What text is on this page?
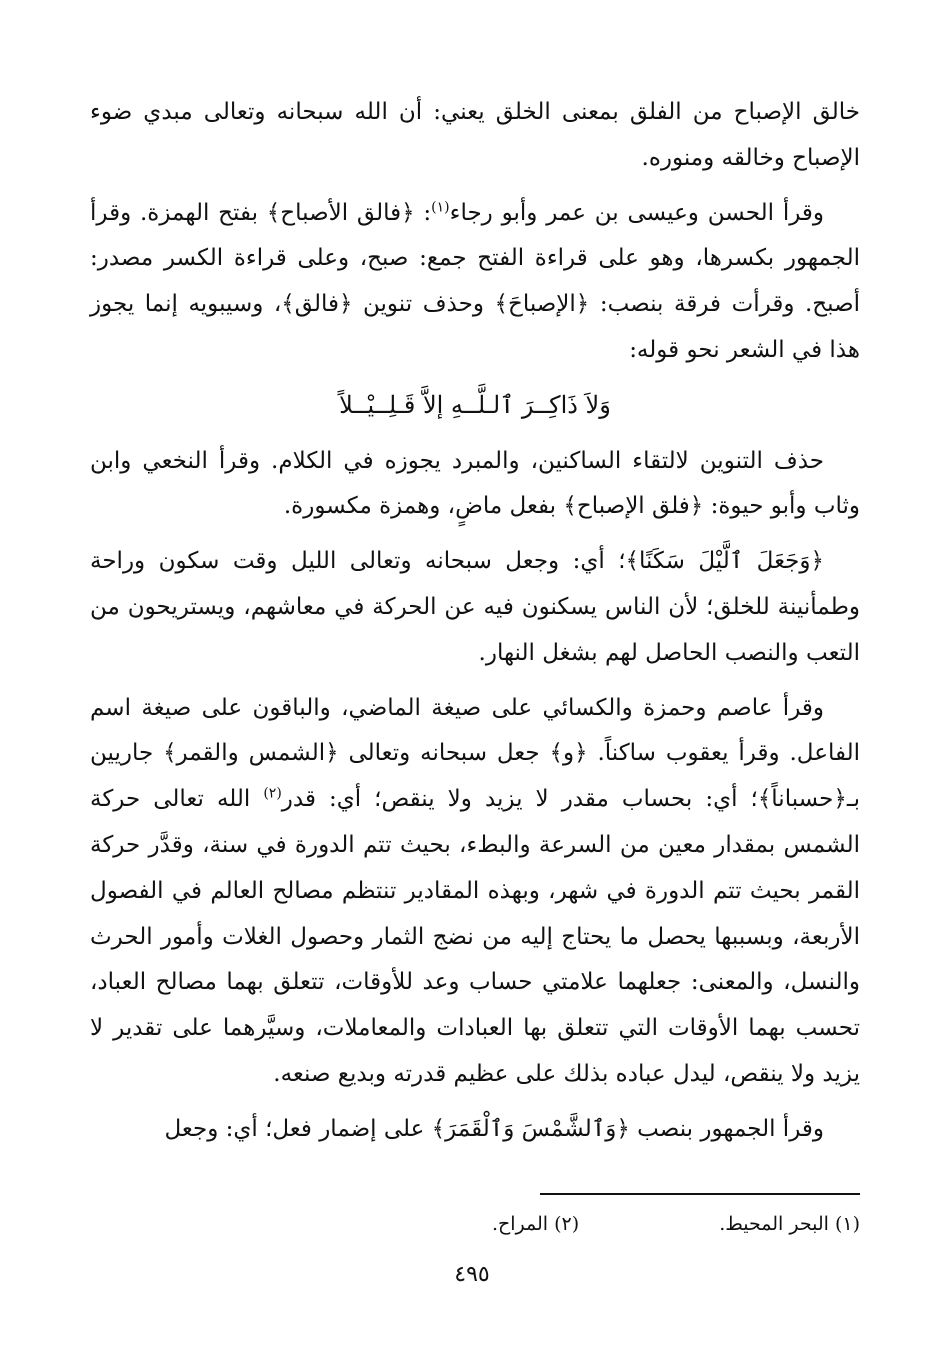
خالق الإصباح من الفلق بمعنى الخلق يعني: أن الله سبحانه وتعالى مبدي ضوء الإصباح وخالقه ومنوره.

وقرأ الحسن وعيسى بن عمر وأبو رجاء$^{(١)}$: ﴿فالق الأصباح﴾ بفتح الهمزة. وقرأ الجمهور بكسرها، وهو على قراءة الفتح جمع: صبح، وعلى قراءة الكسر مصدر: أصبح. وقرأت فرقة بنصب: ﴿الإصباحَ﴾ وحذف تنوين ﴿فالق﴾، وسيبويه إنما يجوز هذا في الشعر نحو قوله:

وَلاَ ذَاكِــرَ ٱلـلَّــهِ إلاَّ قَـلِــيْــلاً

حذف التنوين لالتقاء الساكنين، والمبرد يجوزه في الكلام. وقرأ النخعي وابن وثاب وأبو حيوة: ﴿فلق الإصباح﴾ بفعل ماضٍ، وهمزة مكسورة.

﴿وَجَعَلَ ٱلَّيْلَ سَكَنًا﴾؛ أي: وجعل سبحانه وتعالى الليل وقت سكون وراحة وطمأنينة للخلق؛ لأن الناس يسكنون فيه عن الحركة في معاشهم، ويستريحون من التعب والنصب الحاصل لهم بشغل النهار.

وقرأ عاصم وحمزة والكسائي على صيغة الماضي، والباقون على صيغة اسم الفاعل. وقرأ يعقوب ساكناً. ﴿و﴾ جعل سبحانه وتعالى ﴿الشمس والقمر﴾ جاريين بـ﴿حسباناً﴾؛ أي: بحساب مقدر لا يزيد ولا ينقص؛ أي: قدر$^{(٢)}$ الله تعالى حركة الشمس بمقدار معين من السرعة والبطء، بحيث تتم الدورة في سنة، وقدَّر حركة القمر بحيث تتم الدورة في شهر، وبهذه المقادير تنتظم مصالح العالم في الفصول الأربعة، وبسببها يحصل ما يحتاج إليه من نضج الثمار وحصول الغلات وأمور الحرث والنسل، والمعنى: جعلهما علامتي حساب وعد للأوقات، تتعلق بهما مصالح العباد، تحسب بهما الأوقات التي تتعلق بها العبادات والمعاملات، وسيَّرهما على تقدير لا يزيد ولا ينقص، ليدل عباده بذلك على عظيم قدرته وبديع صنعه.

وقرأ الجمهور بنصب ﴿وَٱلشَّمْسَ وَٱلْقَمَرَ﴾ على إضمار فعل؛ أي: وجعل

(١) البحر المحيط.
(٢) المراح.
٤٩٥
